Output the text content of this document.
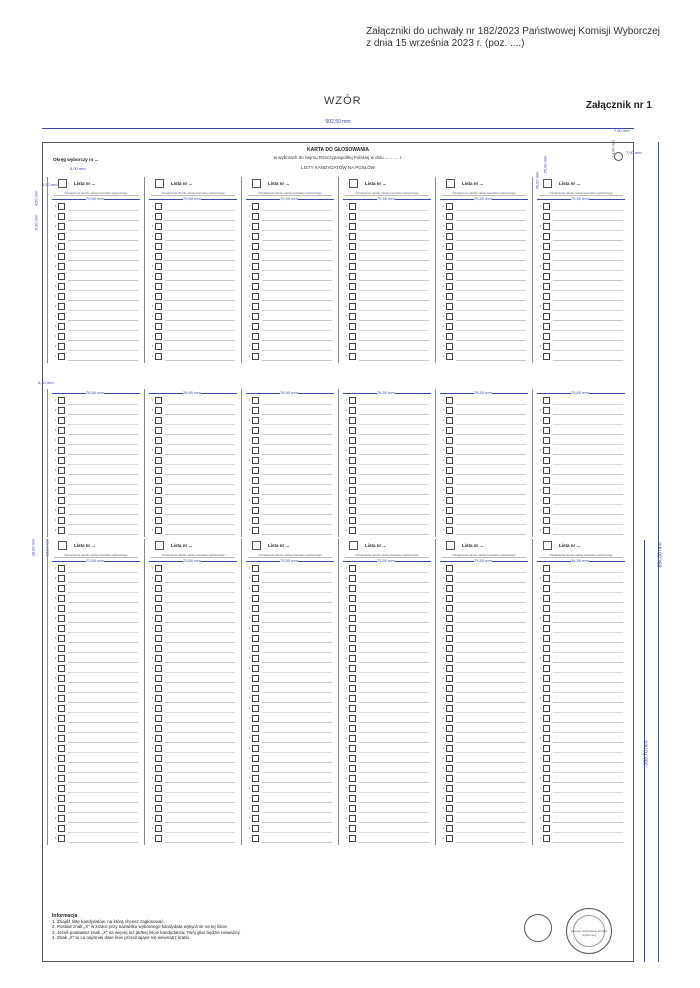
Załączniki do uchwały nr 182/2023 Państwowej Komisji Wyborczej
z dnia 15 września 2023 r. (poz. ....)
Załącznik nr 1
WZÓR
502,50 mm
694,00 mm
359,70 mm
7,60 mm
14,00 mm	7,00 mm
8,00 mm
6,50 mm
6,00 mm
4,50 mm
6,40 mm
28,00 mm 10,80 mm
25,00 mm
49,50 mm
KARTA DO GŁOSOWANIA
w wyborach do Sejmu Rzeczypospolitej Polskiej w dniu ... ... ... r.
LISTY KANDYDATÓW NA POSŁÓW
Okręg wyborczy nr ...
Lista nr ...
Oznaczenie skrótu nazwy komitetu wyborczego
70,50 mm
•
•
•
•
•
•
•
•
•
•
•
•
•
•
•
•
Lista nr ...
Oznaczenie skrótu nazwy komitetu wyborczego
70,50 mm
•
•
•
•
•
•
•
•
•
•
•
•
•
•
•
•
Lista nr ...
Oznaczenie skrótu nazwy komitetu wyborczego
70,50 mm
•
•
•
•
•
•
•
•
•
•
•
•
•
•
•
•
Lista nr ...
Oznaczenie skrótu nazwy komitetu wyborczego
70,50 mm
•
•
•
•
•
•
•
•
•
•
•
•
•
•
•
•
Lista nr ...
Oznaczenie skrótu nazwy komitetu wyborczego
70,50 mm
•
•
•
•
•
•
•
•
•
•
•
•
•
•
•
•
Lista nr ...
Oznaczenie skrótu nazwy komitetu wyborczego
70,50 mm
•
•
•
•
•
•
•
•
•
•
•
•
•
•
•
•
76,50 mm
•
•
•
•
•
•
•
•
•
•
•
•
•
•
76,50 mm
•
•
•
•
•
•
•
•
•
•
•
•
•
•
76,50 mm
•
•
•
•
•
•
•
•
•
•
•
•
•
•
76,50 mm
•
•
•
•
•
•
•
•
•
•
•
•
•
•
76,50 mm
•
•
•
•
•
•
•
•
•
•
•
•
•
•
75,60 mm
•
•
•
•
•
•
•
•
•
•
•
•
•
•
Lista nr ...
Oznaczenie skrótu nazwy komitetu wyborczego
73,50 mm
•
•
•
•
•
•
•
•
•
•
•
•
•
•
•
•
•
•
•
•
•
•
•
•
•
•
•
•
Lista nr ...
Oznaczenie skrótu nazwy komitetu wyborczego
73,50 mm
•
•
•
•
•
•
•
•
•
•
•
•
•
•
•
•
•
•
•
•
•
•
•
•
•
•
•
•
Lista nr ...
Oznaczenie skrótu nazwy komitetu wyborczego
73,50 mm
•
•
•
•
•
•
•
•
•
•
•
•
•
•
•
•
•
•
•
•
•
•
•
•
•
•
•
•
Lista nr ...
Oznaczenie skrótu nazwy komitetu wyborczego
73,50 mm
•
•
•
•
•
•
•
•
•
•
•
•
•
•
•
•
•
•
•
•
•
•
•
•
•
•
•
•
Lista nr ...
Oznaczenie skrótu nazwy komitetu wyborczego
73,50 mm
•
•
•
•
•
•
•
•
•
•
•
•
•
•
•
•
•
•
•
•
•
•
•
•
•
•
•
•
Lista nr ...
Oznaczenie skrótu nazwy komitetu wyborczego
54,50 mm
•
•
•
•
•
•
•
•
•
•
•
•
•
•
•
•
•
•
•
•
•
•
•
•
•
•
•
•
Informacja
1. Znajdź listę kandydatów, na którą chcesz zagłosować.
2. Postaw znak „X” w kratce przy nazwisku wybranego kandydata wyłącznie na tej liście.
3. Jeżeli postawisz znak „X” na więcej niż jednej liście kandydatów, Twój głos będzie nieważny.
4. Znak „X” to co najmniej dwie linie przecinające się wewnątrz kratki.
pieczęć obwodowej komisji wyborczej
